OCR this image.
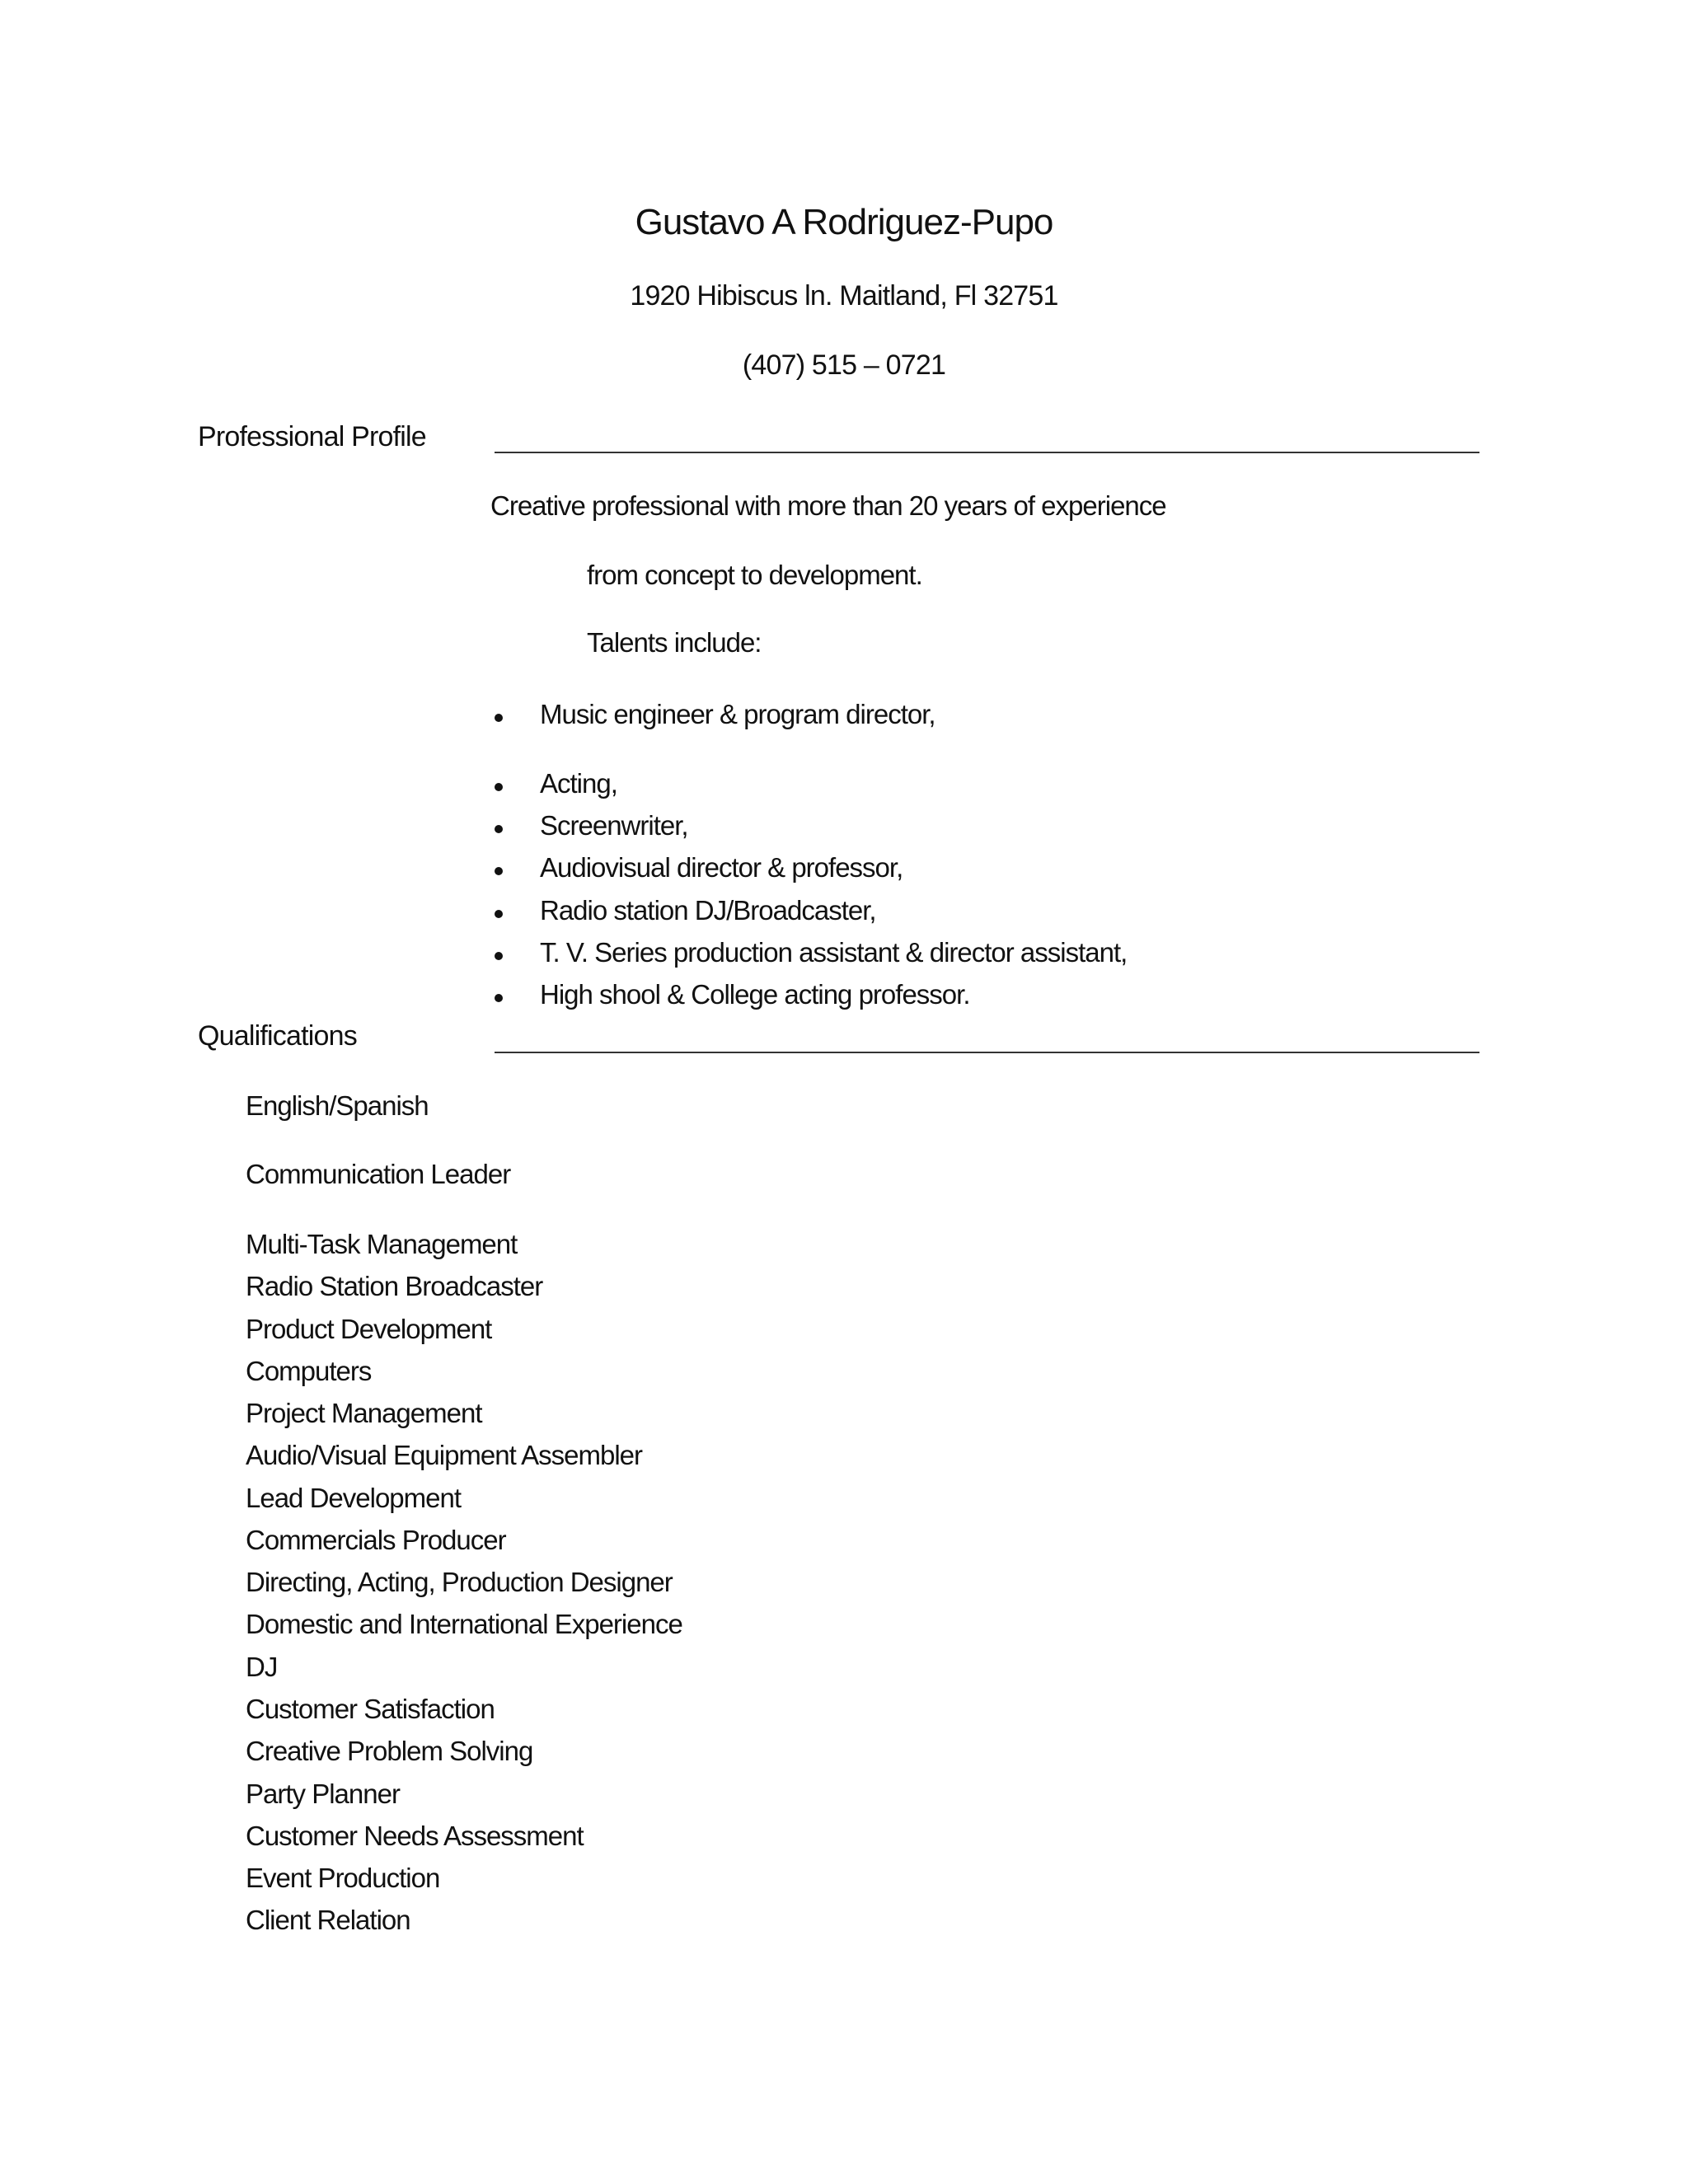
Gustavo A Rodriguez-Pupo
1920 Hibiscus ln. Maitland, Fl 32751
(407) 515 – 0721
Professional Profile
Creative professional with more than 20 years of experience
from concept to development.
Talents include:
Music engineer & program director,
Acting,
Screenwriter,
Audiovisual director & professor,
Radio station DJ/Broadcaster,
T. V. Series production assistant & director assistant,
High shool & College acting professor.
Qualifications
English/Spanish
Communication Leader
Multi-Task Management
Radio Station Broadcaster
Product Development
Computers
Project Management
Audio/Visual Equipment Assembler
Lead Development
Commercials Producer
Directing, Acting, Production Designer
Domestic and International Experience
DJ
Customer Satisfaction
Creative Problem Solving
Party Planner
Customer Needs Assessment
Event Production
Client Relation
